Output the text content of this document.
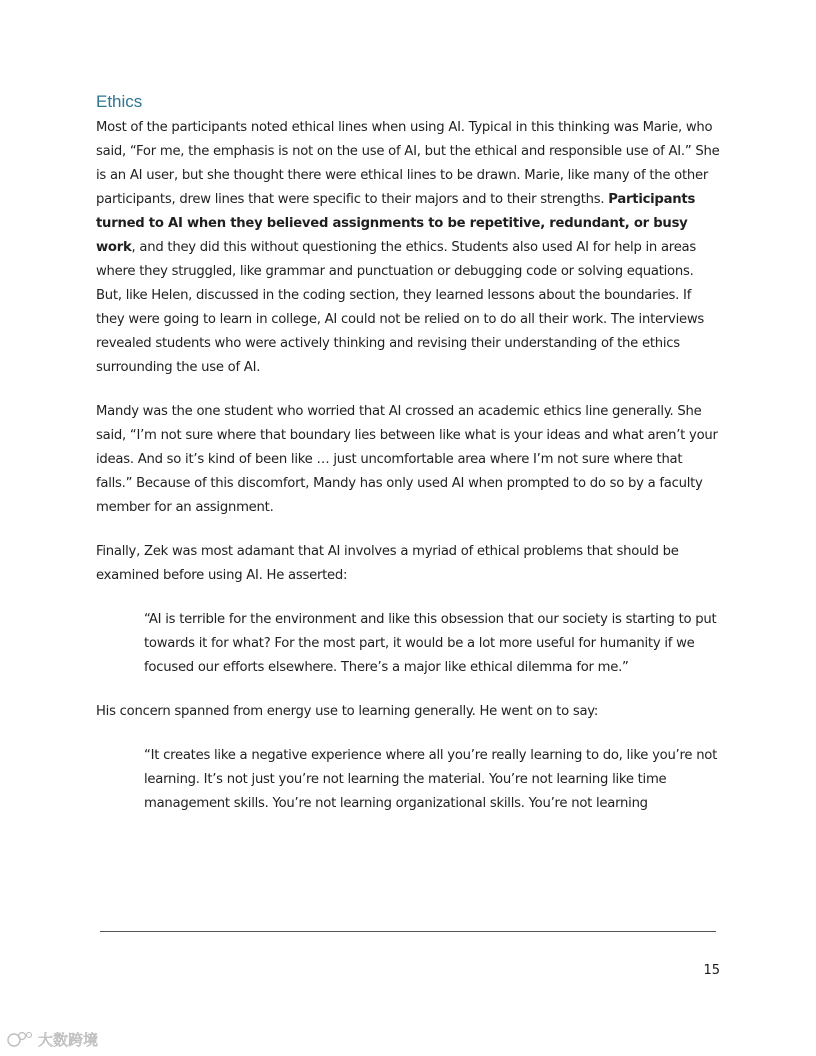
Ethics

Most of the participants noted ethical lines when using AI. Typical in this thinking was Marie, who said, “For me, the emphasis is not on the use of AI, but the ethical and responsible use of AI.” She is an AI user, but she thought there were ethical lines to be drawn. Marie, like many of the other participants, drew lines that were specific to their majors and to their strengths. Participants turned to AI when they believed assignments to be repetitive, redundant, or busy work, and they did this without questioning the ethics. Students also used AI for help in areas where they struggled, like grammar and punctuation or debugging code or solving equations. But, like Helen, discussed in the coding section, they learned lessons about the boundaries. If they were going to learn in college, AI could not be relied on to do all their work. The interviews revealed students who were actively thinking and revising their understanding of the ethics surrounding the use of AI.

Mandy was the one student who worried that AI crossed an academic ethics line generally. She said, “I’m not sure where that boundary lies between like what is your ideas and what aren’t your ideas. And so it’s kind of been like … just uncomfortable area where I’m not sure where that falls.” Because of this discomfort, Mandy has only used AI when prompted to do so by a faculty member for an assignment.

Finally, Zek was most adamant that AI involves a myriad of ethical problems that should be examined before using AI. He asserted:

“AI is terrible for the environment and like this obsession that our society is starting to put towards it for what? For the most part, it would be a lot more useful for humanity if we focused our efforts elsewhere. There’s a major like ethical dilemma for me.”

His concern spanned from energy use to learning generally. He went on to say:

“It creates like a negative experience where all you’re really learning to do, like you’re not learning. It’s not just you’re not learning the material. You’re not learning like time management skills. You’re not learning organizational skills. You’re not learning

15
大数跨境
